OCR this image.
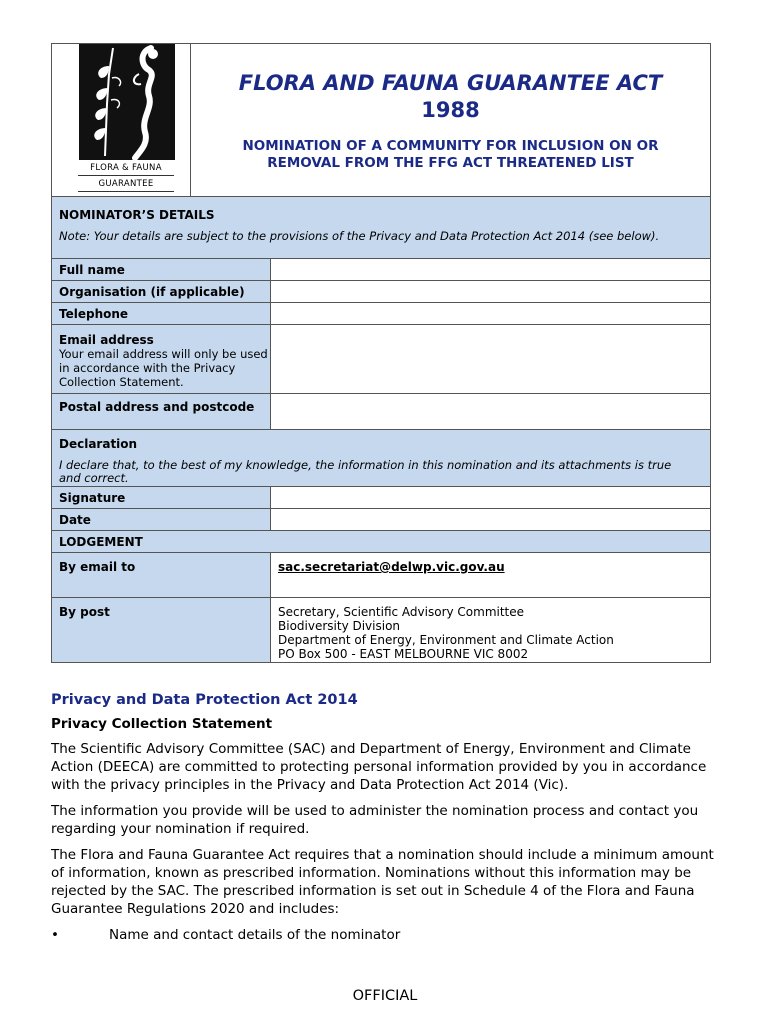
FLORA & FAUNA
GUARANTEE
FLORA AND FAUNA GUARANTEE ACT
1988
NOMINATION OF A COMMUNITY FOR INCLUSION ON OR REMOVAL FROM THE FFG ACT THREATENED LIST
NOMINATOR’S DETAILS
Note: Your details are subject to the provisions of the Privacy and Data Protection Act 2014 (see below).
Full name
Organisation (if applicable)
Telephone
Email address
Your email address will only be used in accordance with the Privacy Collection Statement.
Postal address and postcode
Declaration
I declare that, to the best of my knowledge, the information in this nomination and its attachments is true and correct.
Signature
Date
LODGEMENT
By email to	sac.secretariat@delwp.vic.gov.au
By post	Secretary, Scientific Advisory Committee
Biodiversity Division
Department of Energy, Environment and Climate Action
PO Box 500 - EAST MELBOURNE VIC 8002
Privacy and Data Protection Act 2014
Privacy Collection Statement

The Scientific Advisory Committee (SAC) and Department of Energy, Environment and Climate Action (DEECA) are committed to protecting personal information provided by you in accordance with the privacy principles in the Privacy and Data Protection Act 2014 (Vic).

The information you provide will be used to administer the nomination process and contact you regarding your nomination if required.

The Flora and Fauna Guarantee Act requires that a nomination should include a minimum amount of information, known as prescribed information. Nominations without this information may be rejected by the SAC. The prescribed information is set out in Schedule 4 of the Flora and Fauna Guarantee Regulations 2020 and includes:

•	Name and contact details of the nominator
OFFICIAL
